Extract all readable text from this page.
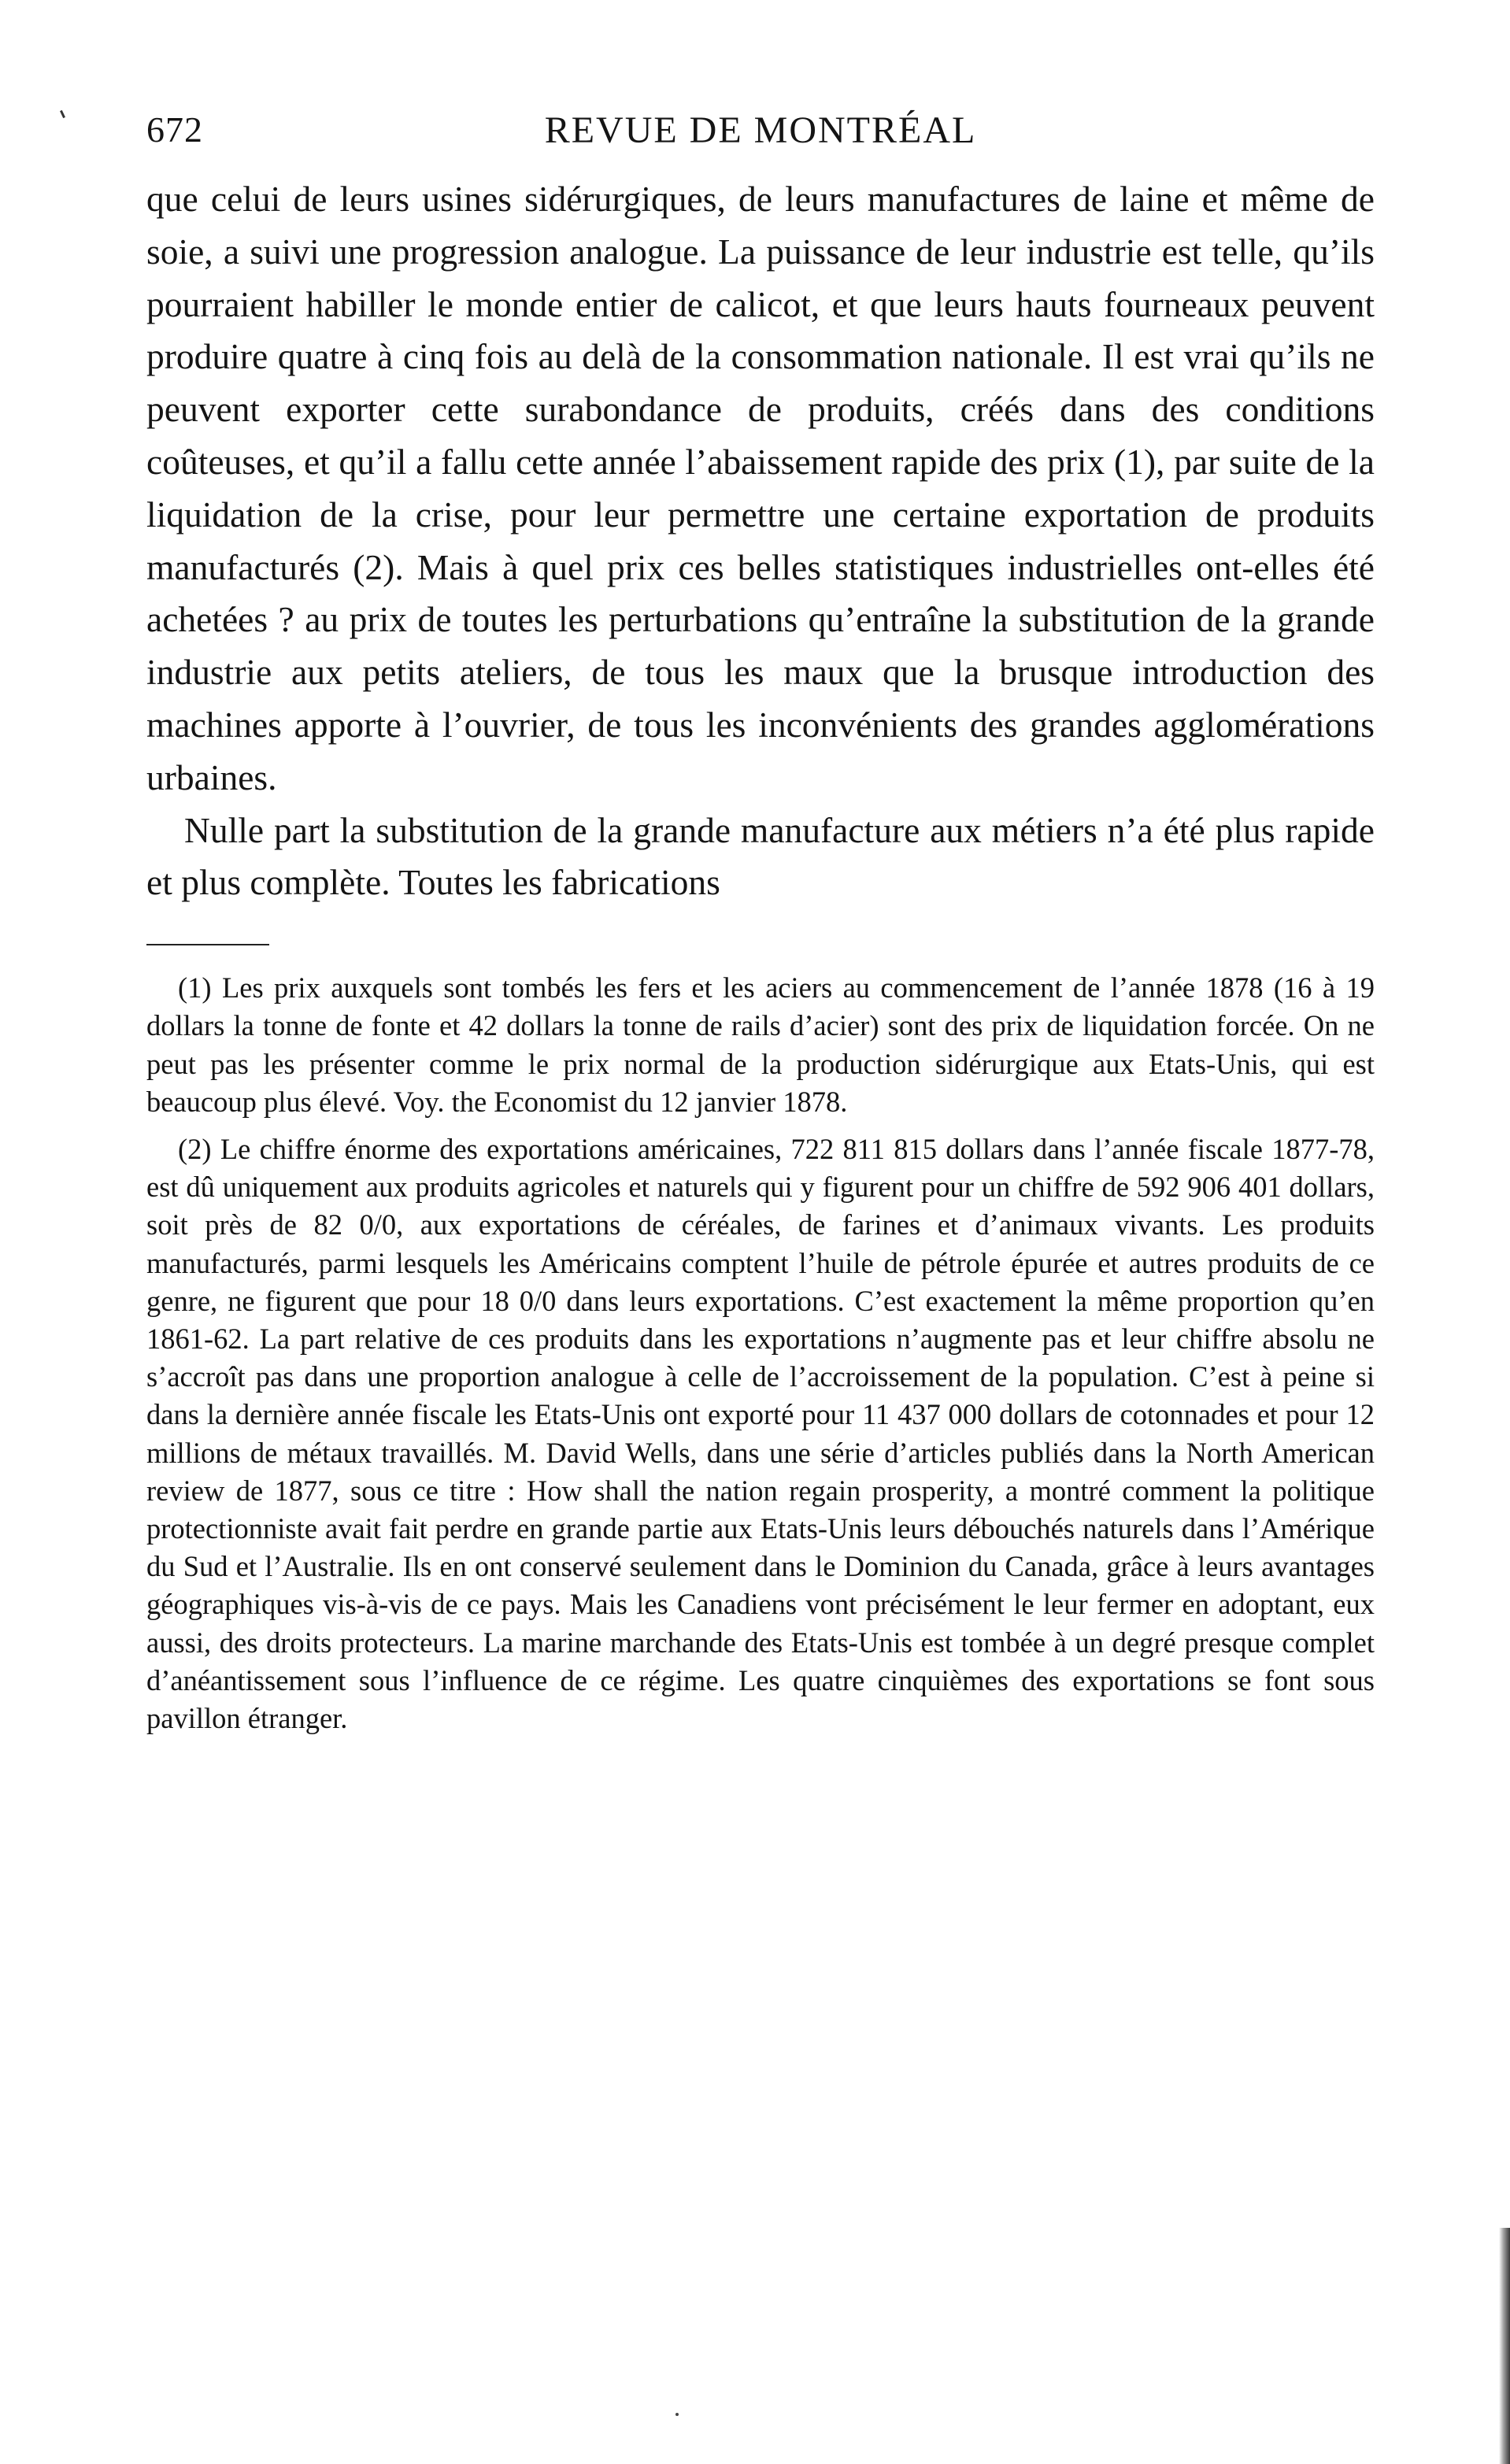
672	REVUE DE MONTRÉAL

que celui de leurs usines sidérurgiques, de leurs manufactures de laine et même de soie, a suivi une progression analogue. La puissance de leur industrie est telle, qu’ils pourraient habiller le monde entier de calicot, et que leurs hauts fourneaux peuvent produire quatre à cinq fois au delà de la consommation nationale. Il est vrai qu’ils ne peuvent exporter cette surabondance de produits, créés dans des conditions coûteuses, et qu’il a fallu cette année l’abaissement rapide des prix (1), par suite de la liquidation de la crise, pour leur permettre une certaine exportation de produits manufacturés (2). Mais à quel prix ces belles statistiques industrielles ont-elles été achetées ? au prix de toutes les perturbations qu’entraîne la substitution de la grande industrie aux petits ateliers, de tous les maux que la brusque introduction des machines apporte à l’ouvrier, de tous les inconvénients des grandes agglomérations urbaines.

Nulle part la substitution de la grande manufacture aux métiers n’a été plus rapide et plus complète. Toutes les fabrications

(1) Les prix auxquels sont tombés les fers et les aciers au commencement de l’année 1878 (16 à 19 dollars la tonne de fonte et 42 dollars la tonne de rails d’acier) sont des prix de liquidation forcée. On ne peut pas les présenter comme le prix normal de la production sidérurgique aux Etats-Unis, qui est beaucoup plus élevé. Voy. the Economist du 12 janvier 1878.

(2) Le chiffre énorme des exportations américaines, 722 811 815 dollars dans l’année fiscale 1877-78, est dû uniquement aux produits agricoles et naturels qui y figurent pour un chiffre de 592 906 401 dollars, soit près de 82 0/0, aux exportations de céréales, de farines et d’animaux vivants. Les produits manufacturés, parmi lesquels les Américains comptent l’huile de pétrole épurée et autres produits de ce genre, ne figurent que pour 18 0/0 dans leurs exportations. C’est exactement la même proportion qu’en 1861-62. La part relative de ces produits dans les exportations n’augmente pas et leur chiffre absolu ne s’accroît pas dans une proportion analogue à celle de l’accroissement de la population. C’est à peine si dans la dernière année fiscale les Etats-Unis ont exporté pour 11 437 000 dollars de cotonnades et pour 12 millions de métaux travaillés. M. David Wells, dans une série d’articles publiés dans la North American review de 1877, sous ce titre : How shall the nation regain prosperity, a montré comment la politique protectionniste avait fait perdre en grande partie aux Etats-Unis leurs débouchés naturels dans l’Amérique du Sud et l’Australie. Ils en ont conservé seulement dans le Dominion du Canada, grâce à leurs avantages géographiques vis-à-vis de ce pays. Mais les Canadiens vont précisément le leur fermer en adoptant, eux aussi, des droits protecteurs. La marine marchande des Etats-Unis est tombée à un degré presque complet d’anéantissement sous l’influence de ce régime. Les quatre cinquièmes des exportations se font sous pavillon étranger.
